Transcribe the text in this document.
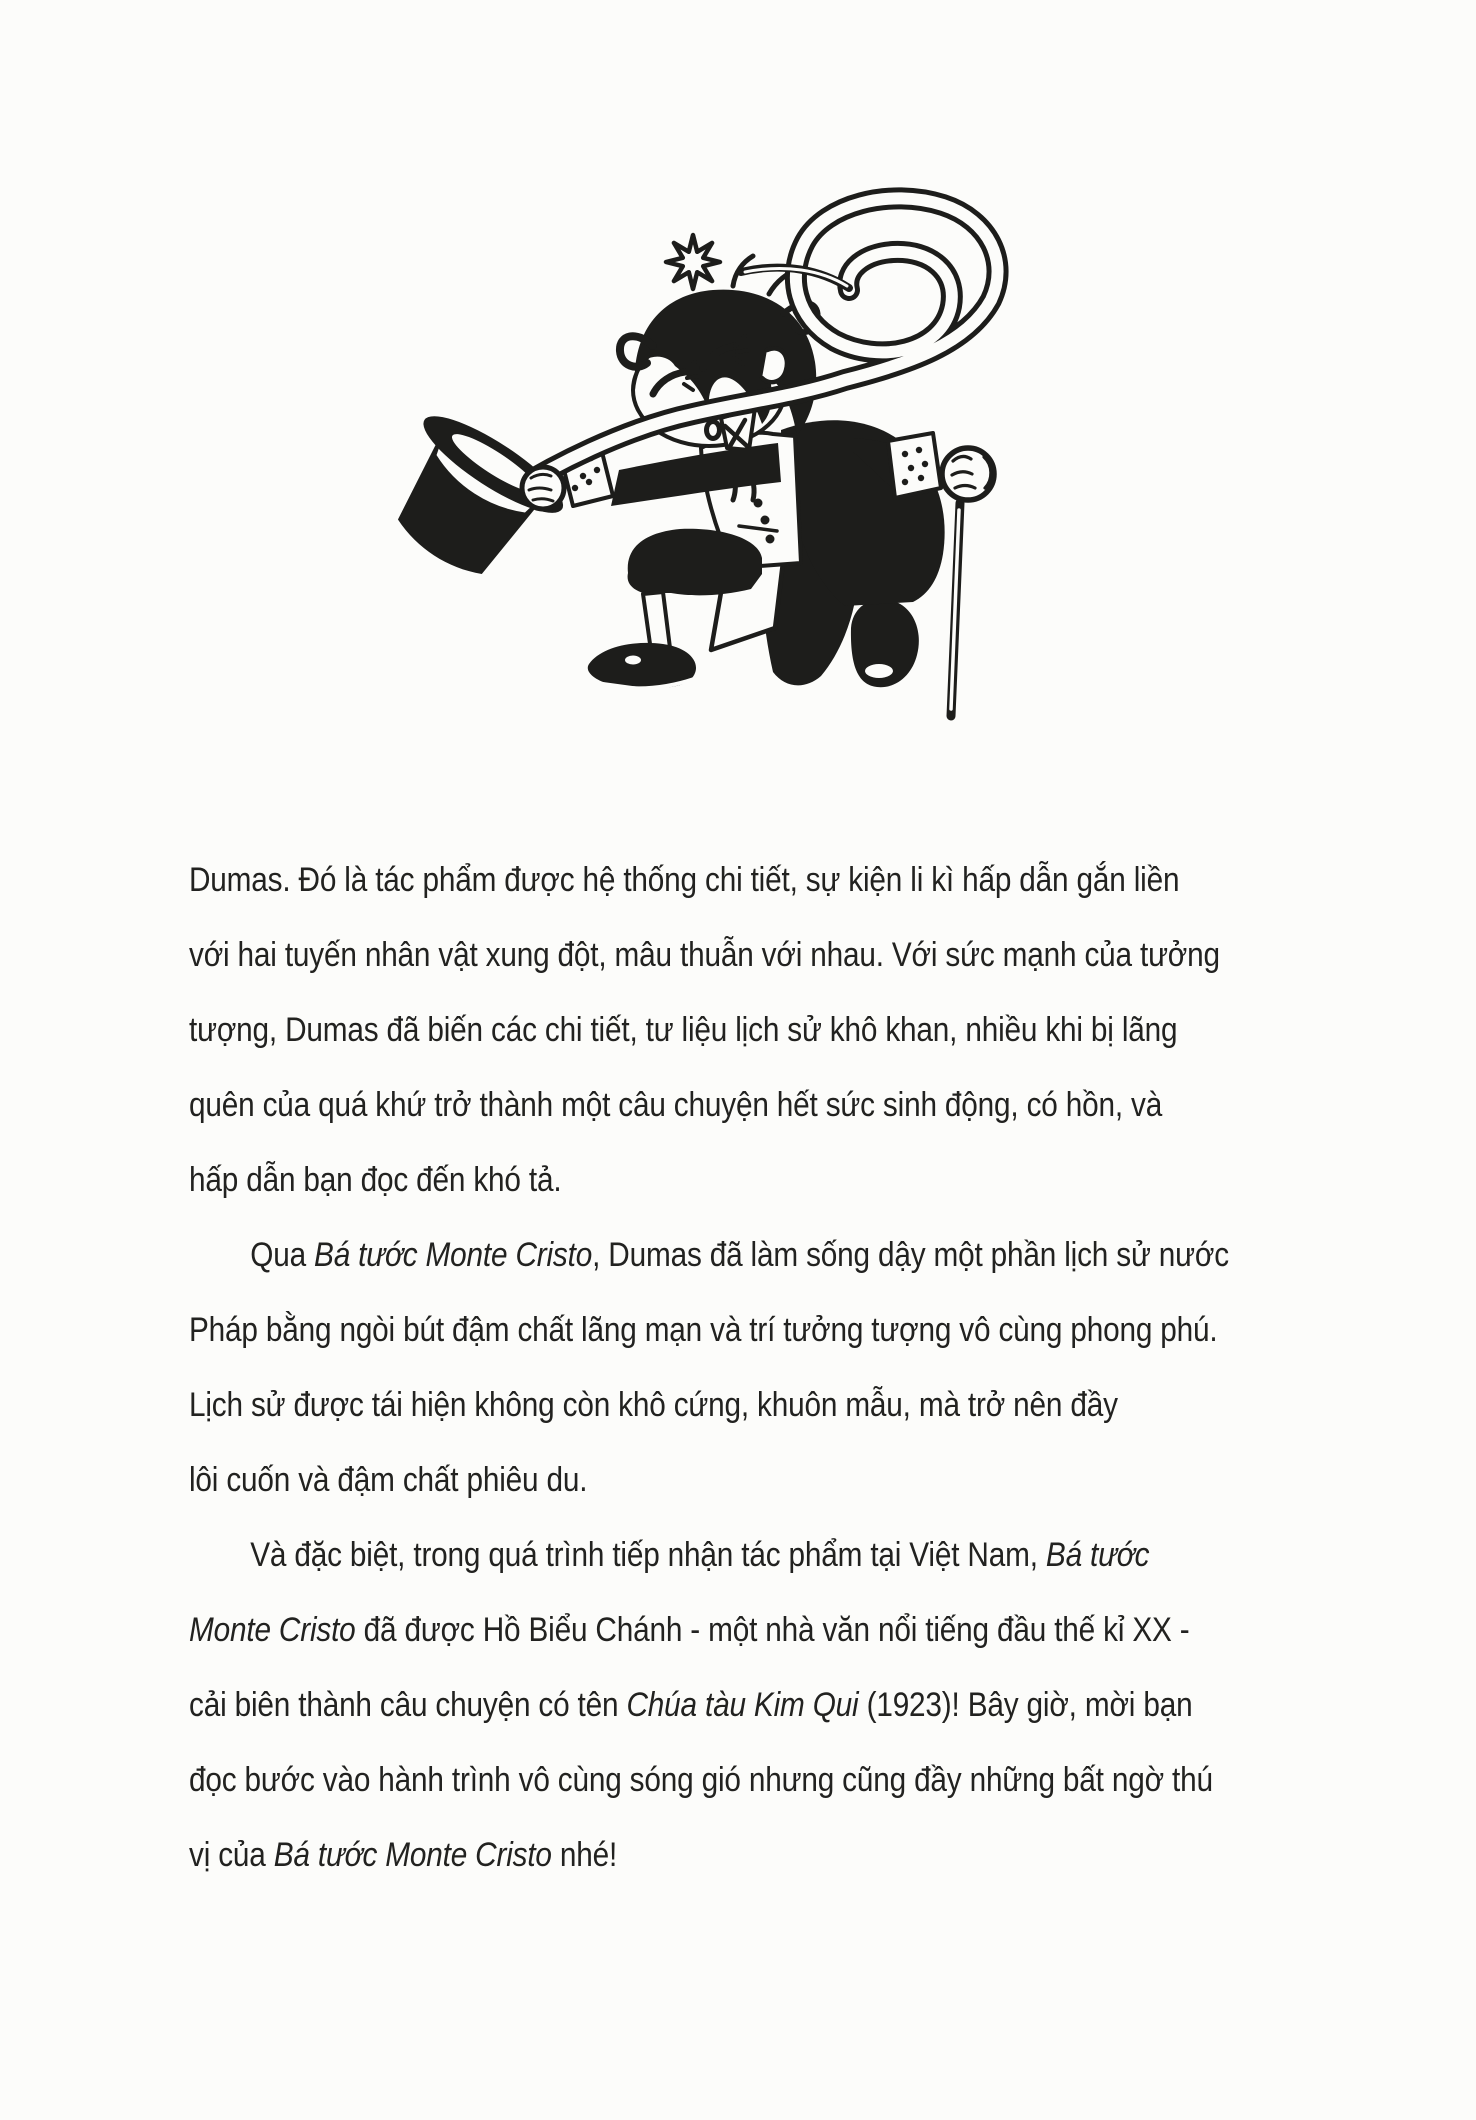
Dumas. Đó là tác phẩm được hệ thống chi tiết, sự kiện li kì hấp dẫn gắn liền
với hai tuyến nhân vật xung đột, mâu thuẫn với nhau. Với sức mạnh của tưởng
tượng, Dumas đã biến các chi tiết, tư liệu lịch sử khô khan, nhiều khi bị lãng
quên của quá khứ trở thành một câu chuyện hết sức sinh động, có hồn, và
hấp dẫn bạn đọc đến khó tả.
Qua Bá tước Monte Cristo, Dumas đã làm sống dậy một phần lịch sử nước
Pháp bằng ngòi bút đậm chất lãng mạn và trí tưởng tượng vô cùng phong phú.
Lịch sử được tái hiện không còn khô cứng, khuôn mẫu, mà trở nên đầy
lôi cuốn và đậm chất phiêu du.
Và đặc biệt, trong quá trình tiếp nhận tác phẩm tại Việt Nam, Bá tước
Monte Cristo đã được Hồ Biểu Chánh - một nhà văn nổi tiếng đầu thế kỉ XX -
cải biên thành câu chuyện có tên Chúa tàu Kim Qui (1923)! Bây giờ, mời bạn
đọc bước vào hành trình vô cùng sóng gió nhưng cũng đầy những bất ngờ thú
vị của Bá tước Monte Cristo nhé!
